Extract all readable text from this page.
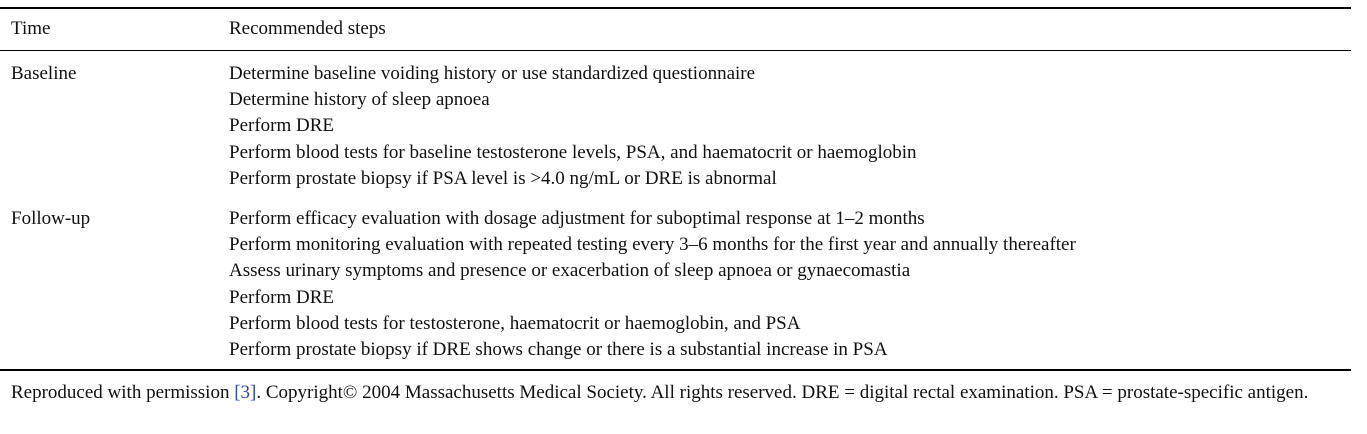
Time	Recommended steps
Baseline	Determine baseline voiding history or use standardized questionnaire
Determine history of sleep apnoea
Perform DRE
Perform blood tests for baseline testosterone levels, PSA, and haematocrit or haemoglobin
Perform prostate biopsy if PSA level is >4.0 ng/mL or DRE is abnormal
Follow-up	Perform efficacy evaluation with dosage adjustment for suboptimal response at 1–2 months
Perform monitoring evaluation with repeated testing every 3–6 months for the first year and annually thereafter
Assess urinary symptoms and presence or exacerbation of sleep apnoea or gynaecomastia
Perform DRE
Perform blood tests for testosterone, haematocrit or haemoglobin, and PSA
Perform prostate biopsy if DRE shows change or there is a substantial increase in PSA
Reproduced with permission [3]. Copyright© 2004 Massachusetts Medical Society. All rights reserved. DRE = digital rectal examination. PSA = prostate-specific antigen.
